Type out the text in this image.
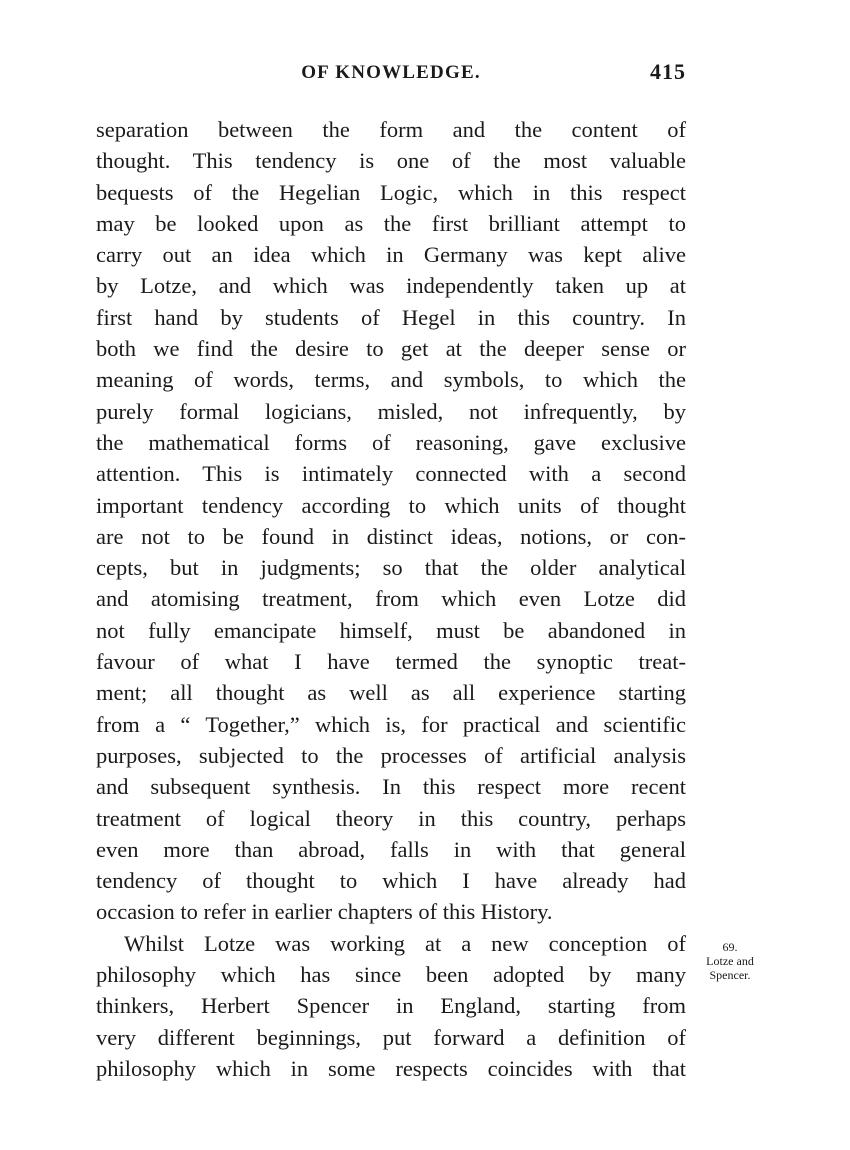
OF KNOWLEDGE.	415
separation between the form and the content of
thought. This tendency is one of the most valuable
bequests of the Hegelian Logic, which in this respect
may be looked upon as the first brilliant attempt to
carry out an idea which in Germany was kept alive
by Lotze, and which was independently taken up at
first hand by students of Hegel in this country. In
both we find the desire to get at the deeper sense or
meaning of words, terms, and symbols, to which the
purely formal logicians, misled, not infrequently, by
the mathematical forms of reasoning, gave exclusive
attention. This is intimately connected with a second
important tendency according to which units of thought
are not to be found in distinct ideas, notions, or con-
cepts, but in judgments; so that the older analytical
and atomising treatment, from which even Lotze did
not fully emancipate himself, must be abandoned in
favour of what I have termed the synoptic treat-
ment; all thought as well as all experience starting
from a “ Together,” which is, for practical and scientific
purposes, subjected to the processes of artificial analysis
and subsequent synthesis. In this respect more recent
treatment of logical theory in this country, perhaps
even more than abroad, falls in with that general
tendency of thought to which I have already had
occasion to refer in earlier chapters of this History.
Whilst Lotze was working at a new conception of
philosophy which has since been adopted by many
thinkers, Herbert Spencer in England, starting from
very different beginnings, put forward a definition of
philosophy which in some respects coincides with that
69.
Lotze and Spencer.
